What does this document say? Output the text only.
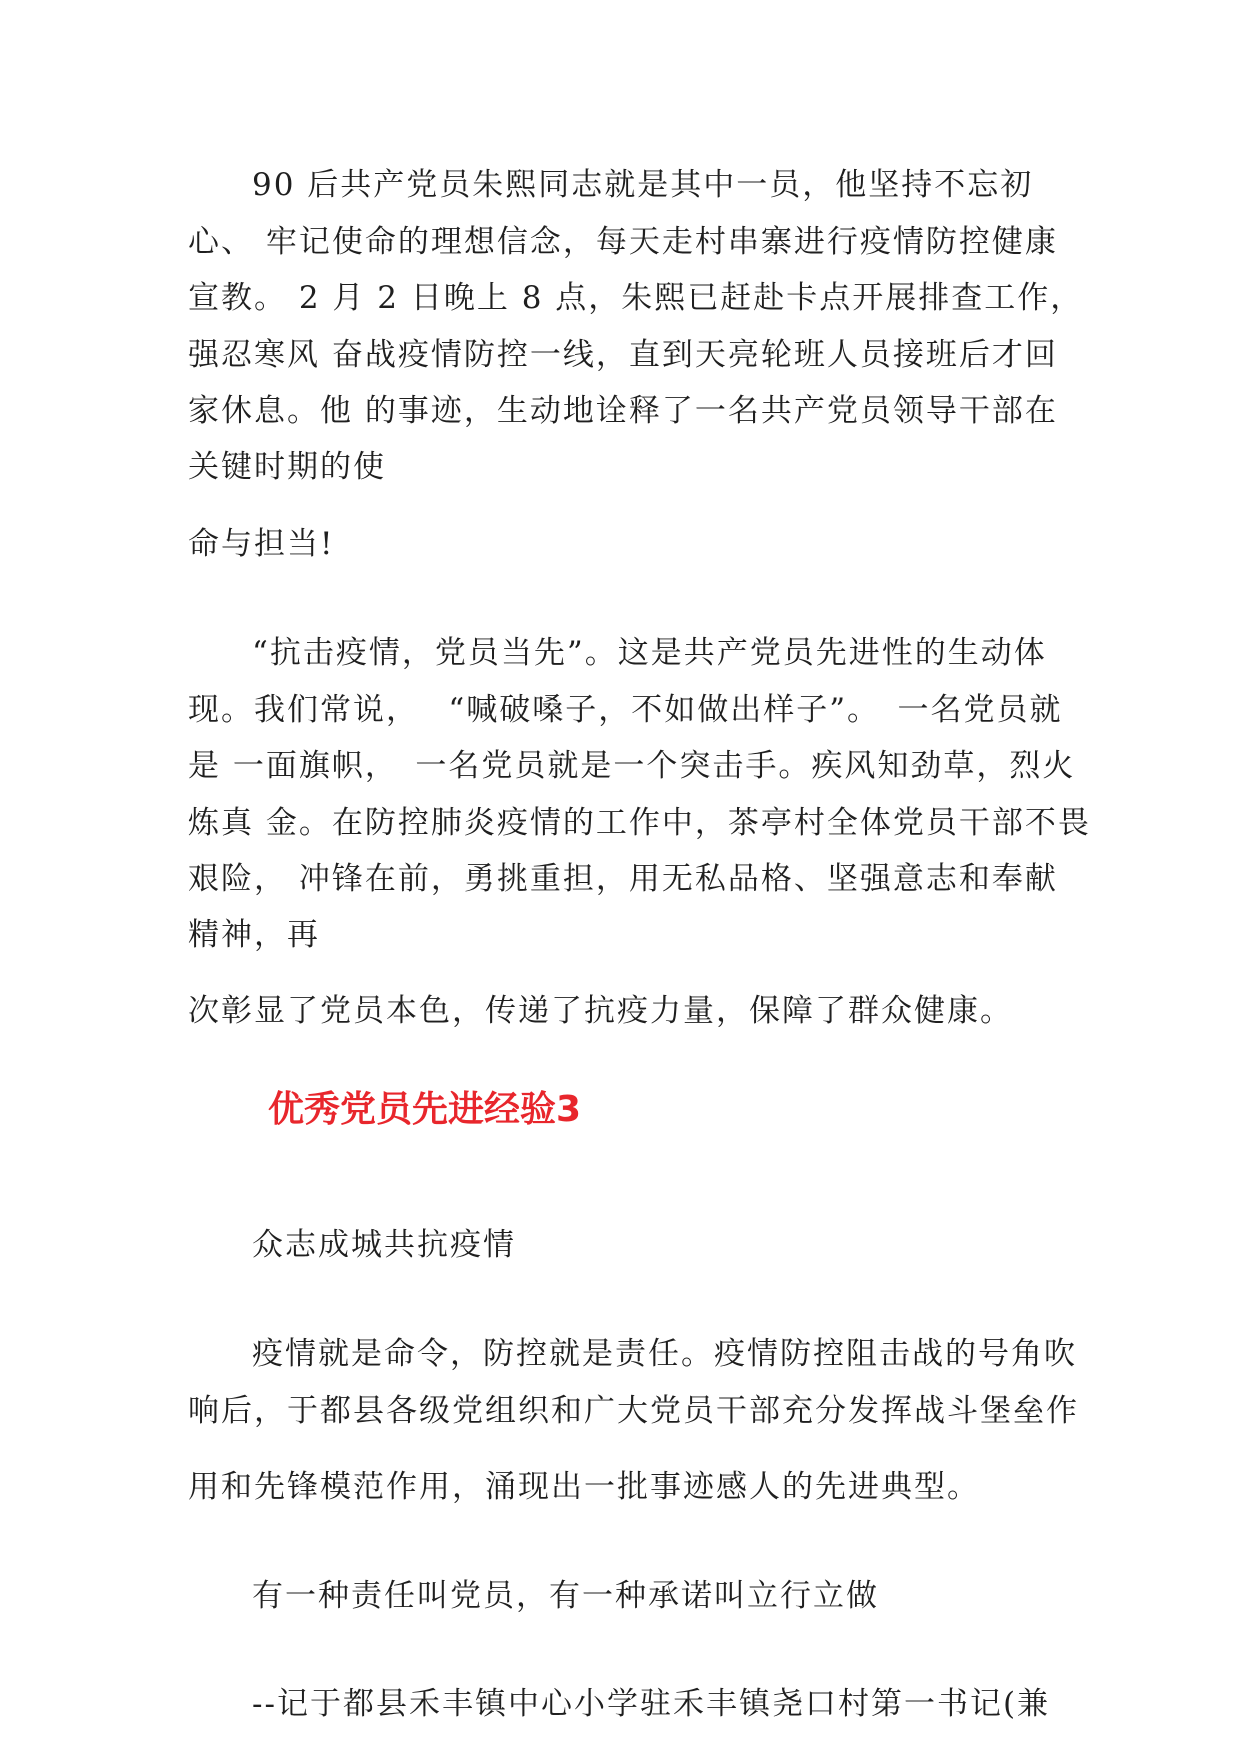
90 后共产党员朱熙同志就是其中一员，他坚持不忘初
心、 牢记使命的理想信念，每天走村串寨进行疫情防控健康
宣教。 2 月 2 日晚上 8 点，朱熙已赶赴卡点开展排查工作，
强忍寒风 奋战疫情防控一线，直到天亮轮班人员接班后才回
家休息。他 的事迹，生动地诠释了一名共产党员领导干部在
关键时期的使
命与担当!
“抗击疫情，党员当先”。这是共产党员先进性的生动体
现。我们常说，　 “喊破嗓子，不如做出样子”。　一名党员就
是 一面旗帜，　一名党员就是一个突击手。疾风知劲草，烈火
炼真 金。在防控肺炎疫情的工作中，茶亭村全体党员干部不畏
艰险， 冲锋在前，勇挑重担，用无私品格、坚强意志和奉献
精神，再
次彰显了党员本色，传递了抗疫力量，保障了群众健康。
优秀党员先进经验3
众志成城共抗疫情
疫情就是命令，防控就是责任。疫情防控阻击战的号角吹
响后，于都县各级党组织和广大党员干部充分发挥战斗堡垒作
用和先锋模范作用，涌现出一批事迹感人的先进典型。
有一种责任叫党员，有一种承诺叫立行立做
--记于都县禾丰镇中心小学驻禾丰镇尧口村第一书记(兼
